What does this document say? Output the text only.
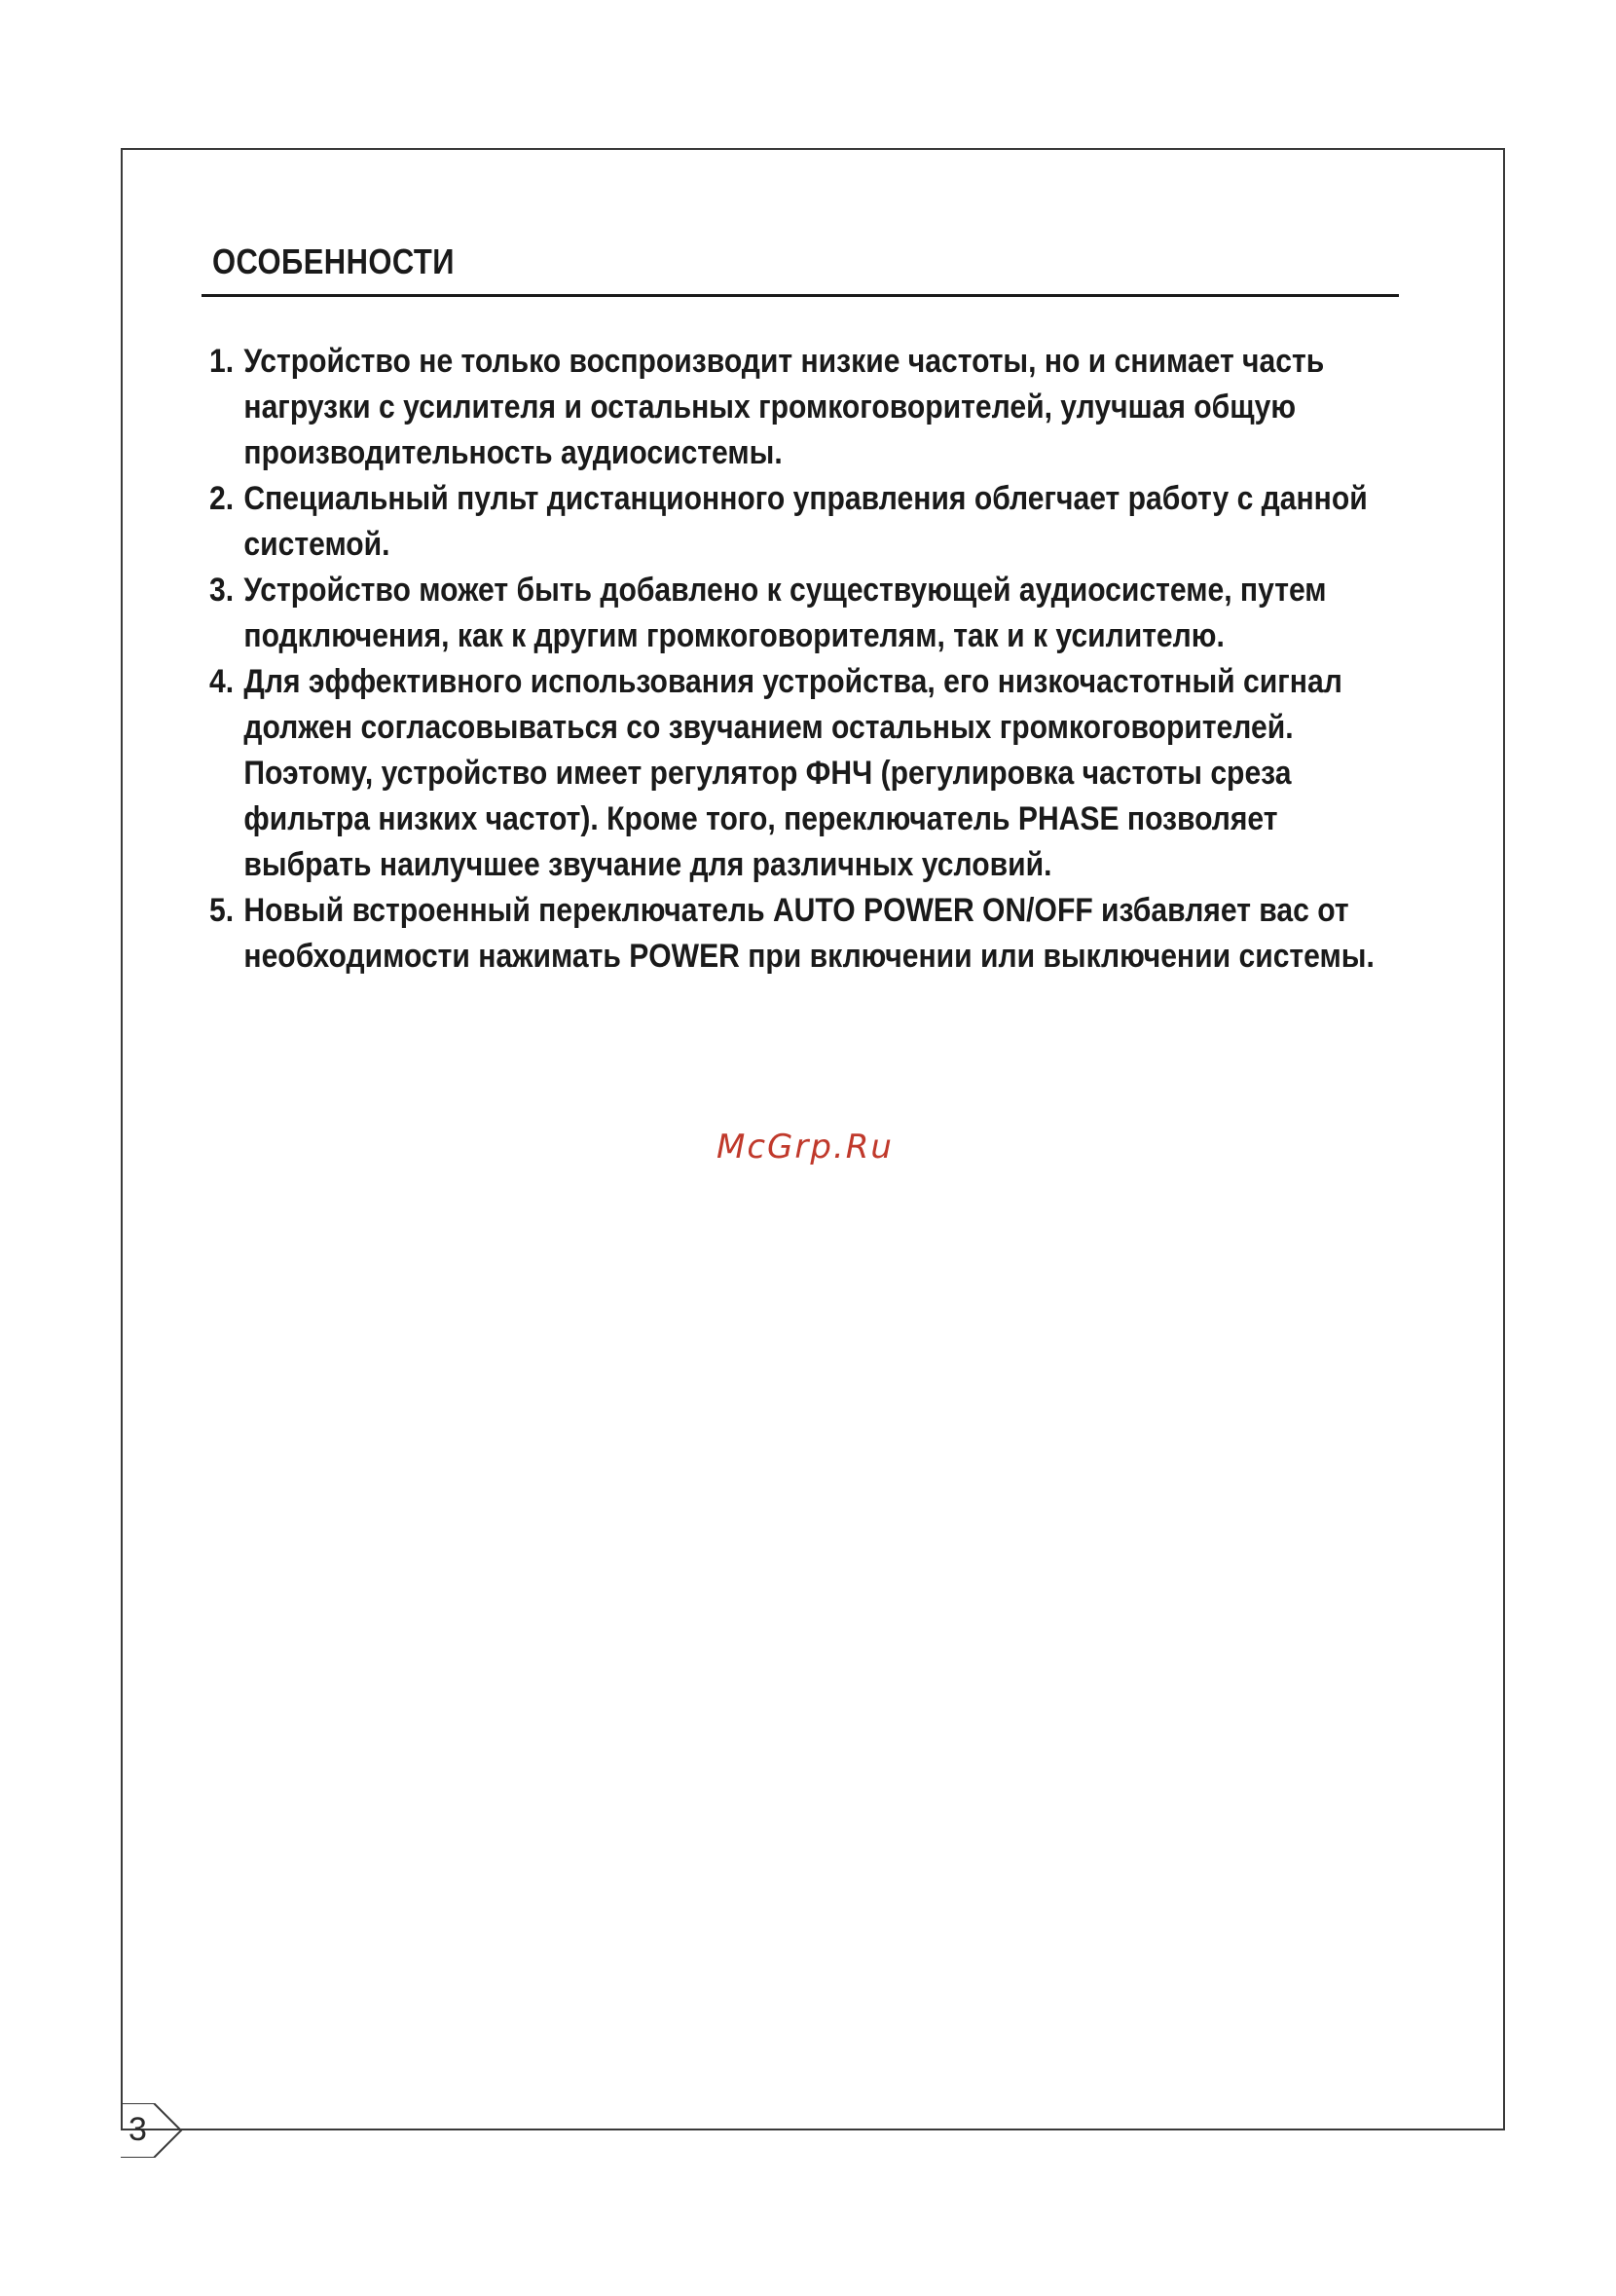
ОСОБЕННОСТИ
1. Устройство не только воспроизводит низкие частоты, но и снимает часть нагрузки с усилителя и остальных громкоговорителей, улучшая общую производительность аудиосистемы.
2. Специальный пульт дистанционного управления облегчает работу с данной системой.
3. Устройство может быть добавлено к существующей аудиосистеме, путем подключения, как к другим громкоговорителям, так и к усилителю.
4. Для эффективного использования устройства, его низкочастотный сигнал должен согласовываться со звучанием остальных громкоговорителей. Поэтому, устройство имеет регулятор ФНЧ (регулировка частоты среза фильтра низких частот). Кроме того, переключатель PHASE позволяет выбрать наилучшее звучание для различных условий.
5. Новый встроенный переключатель AUTO POWER ON/OFF избавляет вас от необходимости нажимать POWER при включении или выключении системы.
McGrp.Ru
3
